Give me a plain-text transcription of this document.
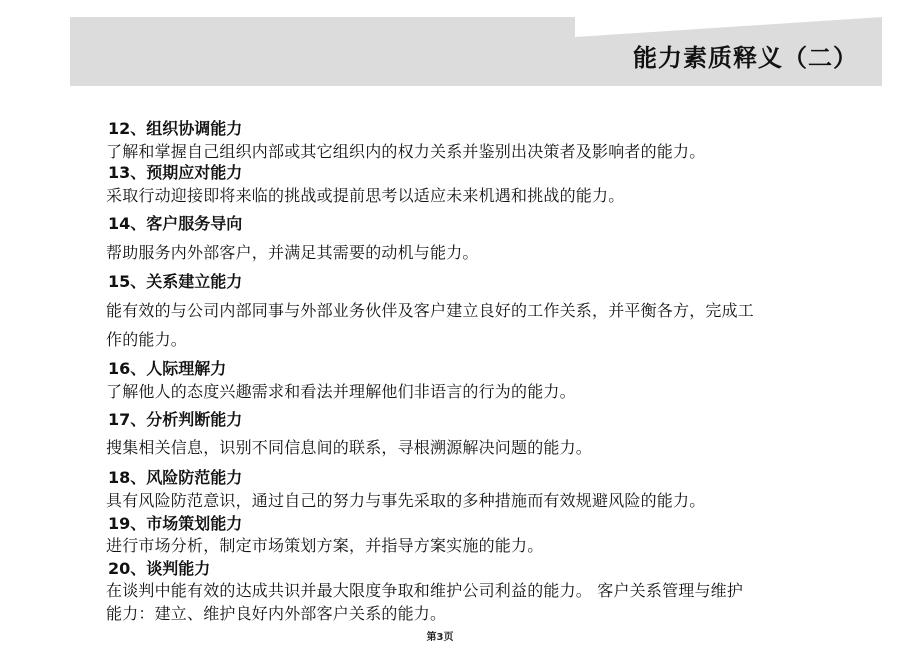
能力素质释义（二）
12、组织协调能力
了解和掌握自己组织内部或其它组织内的权力关系并鉴别出决策者及影响者的能力。
13、预期应对能力
采取行动迎接即将来临的挑战或提前思考以适应未来机遇和挑战的能力。
14、客户服务导向
帮助服务内外部客户，并满足其需要的动机与能力。
15、关系建立能力
能有效的与公司内部同事与外部业务伙伴及客户建立良好的工作关系，并平衡各方，完成工
作的能力。
16、人际理解力
了解他人的态度兴趣需求和看法并理解他们非语言的行为的能力。
17、分析判断能力
搜集相关信息，识别不同信息间的联系，寻根溯源解决问题的能力。
18、风险防范能力
具有风险防范意识，通过自己的努力与事先采取的多种措施而有效规避风险的能力。
19、市场策划能力
进行市场分析，制定市场策划方案，并指导方案实施的能力。
20、谈判能力
在谈判中能有效的达成共识并最大限度争取和维护公司利益的能力。 客户关系管理与维护
能力：建立、维护良好内外部客户关系的能力。
第3页
